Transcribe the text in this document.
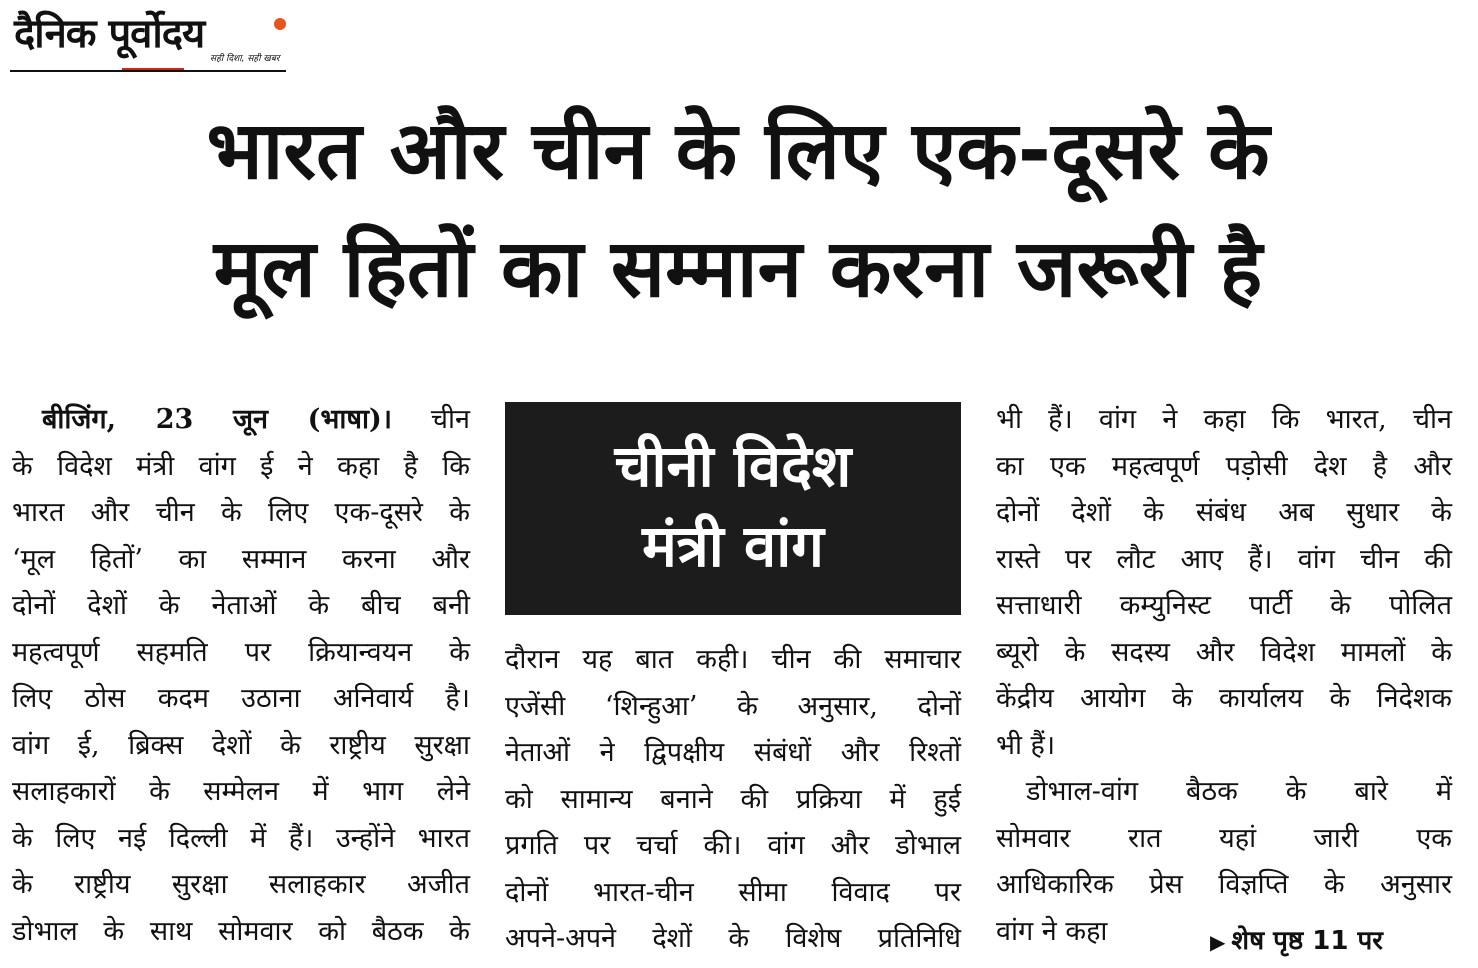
दैनिक पूर्वोदय
सही दिशा, सही खबर
भारत और चीन के लिए एक-दूसरे के
मूल हितों का सम्मान करना जरूरी है
बीजिंग, 23 जून (भाषा)। चीन
के विदेश मंत्री वांग ई ने कहा है कि
भारत और चीन के लिए एक-दूसरे के
‘मूल हितों’ का सम्मान करना और
दोनों देशों के नेताओं के बीच बनी
महत्वपूर्ण सहमति पर क्रियान्वयन के
लिए ठोस कदम उठाना अनिवार्य है।
वांग ई, ब्रिक्स देशों के राष्ट्रीय सुरक्षा
सलाहकारों के सम्मेलन में भाग लेने
के लिए नई दिल्ली में हैं। उन्होंने भारत
के राष्ट्रीय सुरक्षा सलाहकार अजीत
डोभाल के साथ सोमवार को बैठक के
चीनी विदेश
मंत्री वांग
दौरान यह बात कही। चीन की समाचार
एजेंसी ‘शिन्हुआ’ के अनुसार, दोनों
नेताओं ने द्विपक्षीय संबंधों और रिश्तों
को सामान्य बनाने की प्रक्रिया में हुई
प्रगति पर चर्चा की। वांग और डोभाल
दोनों भारत-चीन सीमा विवाद पर
अपने-अपने देशों के विशेष प्रतिनिधि
भी हैं। वांग ने कहा कि भारत, चीन
का एक महत्वपूर्ण पड़ोसी देश है और
दोनों देशों के संबंध अब सुधार के
रास्ते पर लौट आए हैं। वांग चीन की
सत्ताधारी कम्युनिस्ट पार्टी के पोलित
ब्यूरो के सदस्य और विदेश मामलों के
केंद्रीय आयोग के कार्यालय के निदेशक
भी हैं।
डोभाल-वांग बैठक के बारे में
सोमवार रात यहां जारी एक
आधिकारिक प्रेस विज्ञप्ति के अनुसार
वांग ने कहा	▶ शेष पृष्ठ 11 पर
